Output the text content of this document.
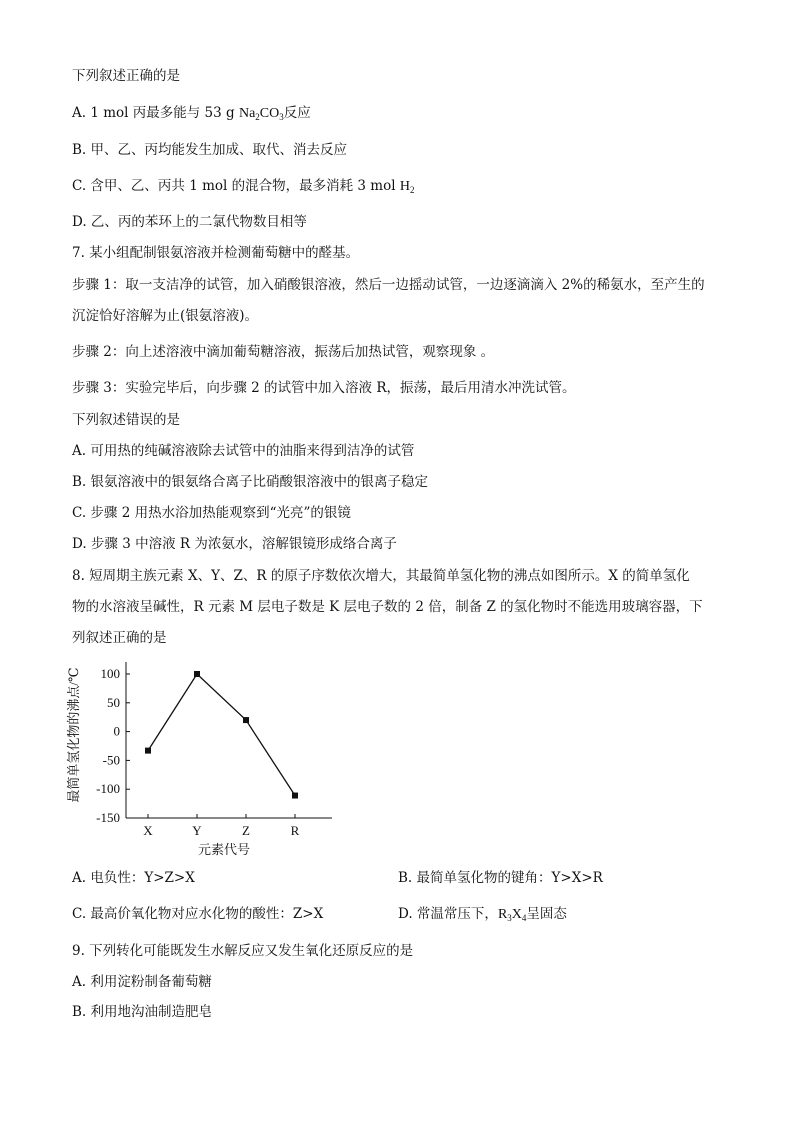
下列叙述正确的是
A. 1 mol 丙最多能与 53 g $Na_2CO_3$反应
B. 甲、乙、丙均能发生加成、取代、消去反应
C. 含甲、乙、丙共 1 mol 的混合物，最多消耗 3 mol $H_2$
D. 乙、丙的苯环上的二氯代物数目相等
7. 某小组配制银氨溶液并检测葡萄糖中的醛基。
步骤 1：取一支洁净的试管，加入硝酸银溶液，然后一边摇动试管，一边逐滴滴入 2%的稀氨水，至产生的
沉淀恰好溶解为止(银氨溶液)。
步骤 2：向上述溶液中滴加葡萄糖溶液，振荡后加热试管，观察现象 。
步骤 3：实验完毕后，向步骤 2 的试管中加入溶液 R，振荡，最后用清水冲洗试管。
下列叙述错误的是
A. 可用热的纯碱溶液除去试管中的油脂来得到洁净的试管
B. 银氨溶液中的银氨络合离子比硝酸银溶液中的银离子稳定
C. 步骤 2 用热水浴加热能观察到“光亮”的银镜
D. 步骤 3 中溶液 R 为浓氨水，溶解银镜形成络合离子
8. 短周期主族元素 X、Y、Z、R 的原子序数依次增大，其最简单氢化物的沸点如图所示。X 的简单氢化
物的水溶液呈碱性，R 元素 M 层电子数是 K 层电子数的 2 倍，制备 Z 的氢化物时不能选用玻璃容器，下
列叙述正确的是
100
50
0
-50
-100
-150
X	Y	Z	R
元素代号
最简单氢化物的沸点/℃
A. 电负性：Y>Z>X	B. 最简单氢化物的键角：Y>X>R
C. 最高价氧化物对应水化物的酸性：Z>X	D. 常温常压下，$R_3X_4$呈固态
9. 下列转化可能既发生水解反应又发生氧化还原反应的是
A. 利用淀粉制备葡萄糖
B. 利用地沟油制造肥皂
